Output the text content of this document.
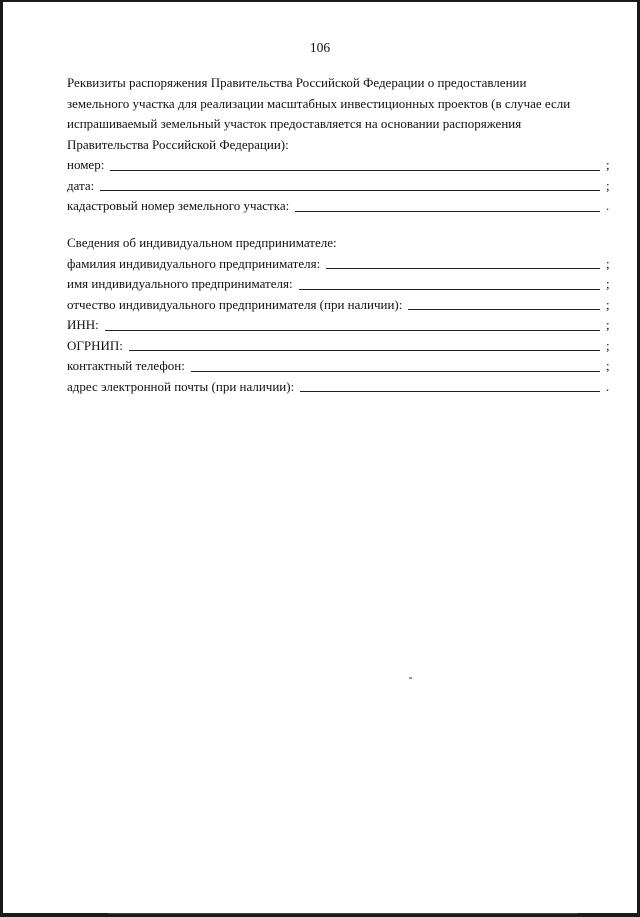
106

Реквизиты распоряжения Правительства Российской Федерации о предоставлении
земельного участка для реализации масштабных инвестиционных проектов (в случае если
испрашиваемый земельный участок предоставляется на основании распоряжения
Правительства Российской Федерации):

номер:	;
дата:	;
кадастровый номер земельного участка:	.

Сведения об индивидуальном предпринимателе:

фамилия индивидуального предпринимателя:	;
имя индивидуального предпринимателя:	;
отчество индивидуального предпринимателя (при наличии):	;
ИНН:	;
ОГРНИП:	;
контактный телефон:	;
адрес электронной почты (при наличии):	.
